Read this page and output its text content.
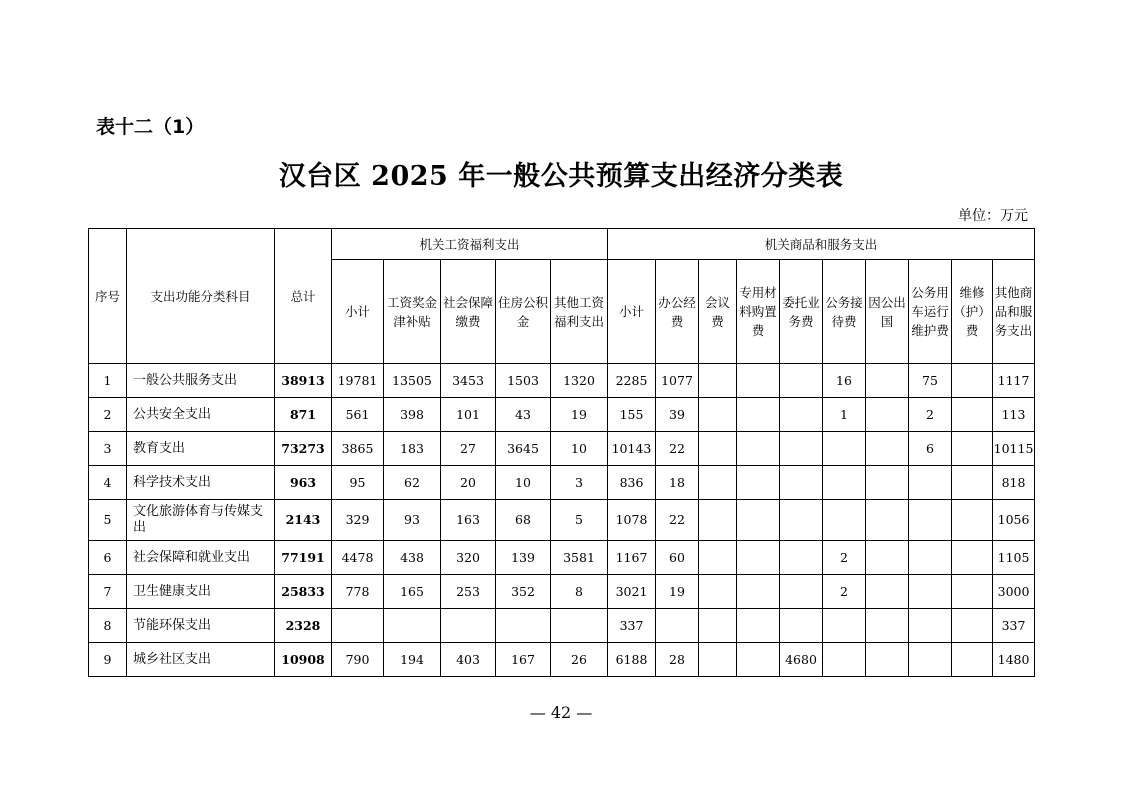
表十二（1）
汉台区 2025 年一般公共预算支出经济分类表
单位：万元
序号	支出功能分类科目	总计	机关工资福利支出					机关商品和服务支出									
			小计	工资奖金津补贴	社会保障缴费	住房公积金	其他工资福利支出	小计	办公经费	会议费	专用材料购置费	委托业务费	公务接待费	因公出国	公务用车运行维护费	维修（护）费	其他商品和服务支出
1	一般公共服务支出	38913	19781	13505	3453	1503	1320	2285	1077				16		75		1117
2	公共安全支出	871	561	398	101	43	19	155	39				1		2		113
3	教育支出	73273	3865	183	27	3645	10	10143	22						6		10115
4	科学技术支出	963	95	62	20	10	3	836	18								818
5	文化旅游体育与传媒支出	2143	329	93	163	68	5	1078	22								1056
6	社会保障和就业支出	77191	4478	438	320	139	3581	1167	60				2				1105
7	卫生健康支出	25833	778	165	253	352	8	3021	19				2				3000
8	节能环保支出	2328						337									337
9	城乡社区支出	10908	790	194	403	167	26	6188	28			4680					1480
— 42 —
